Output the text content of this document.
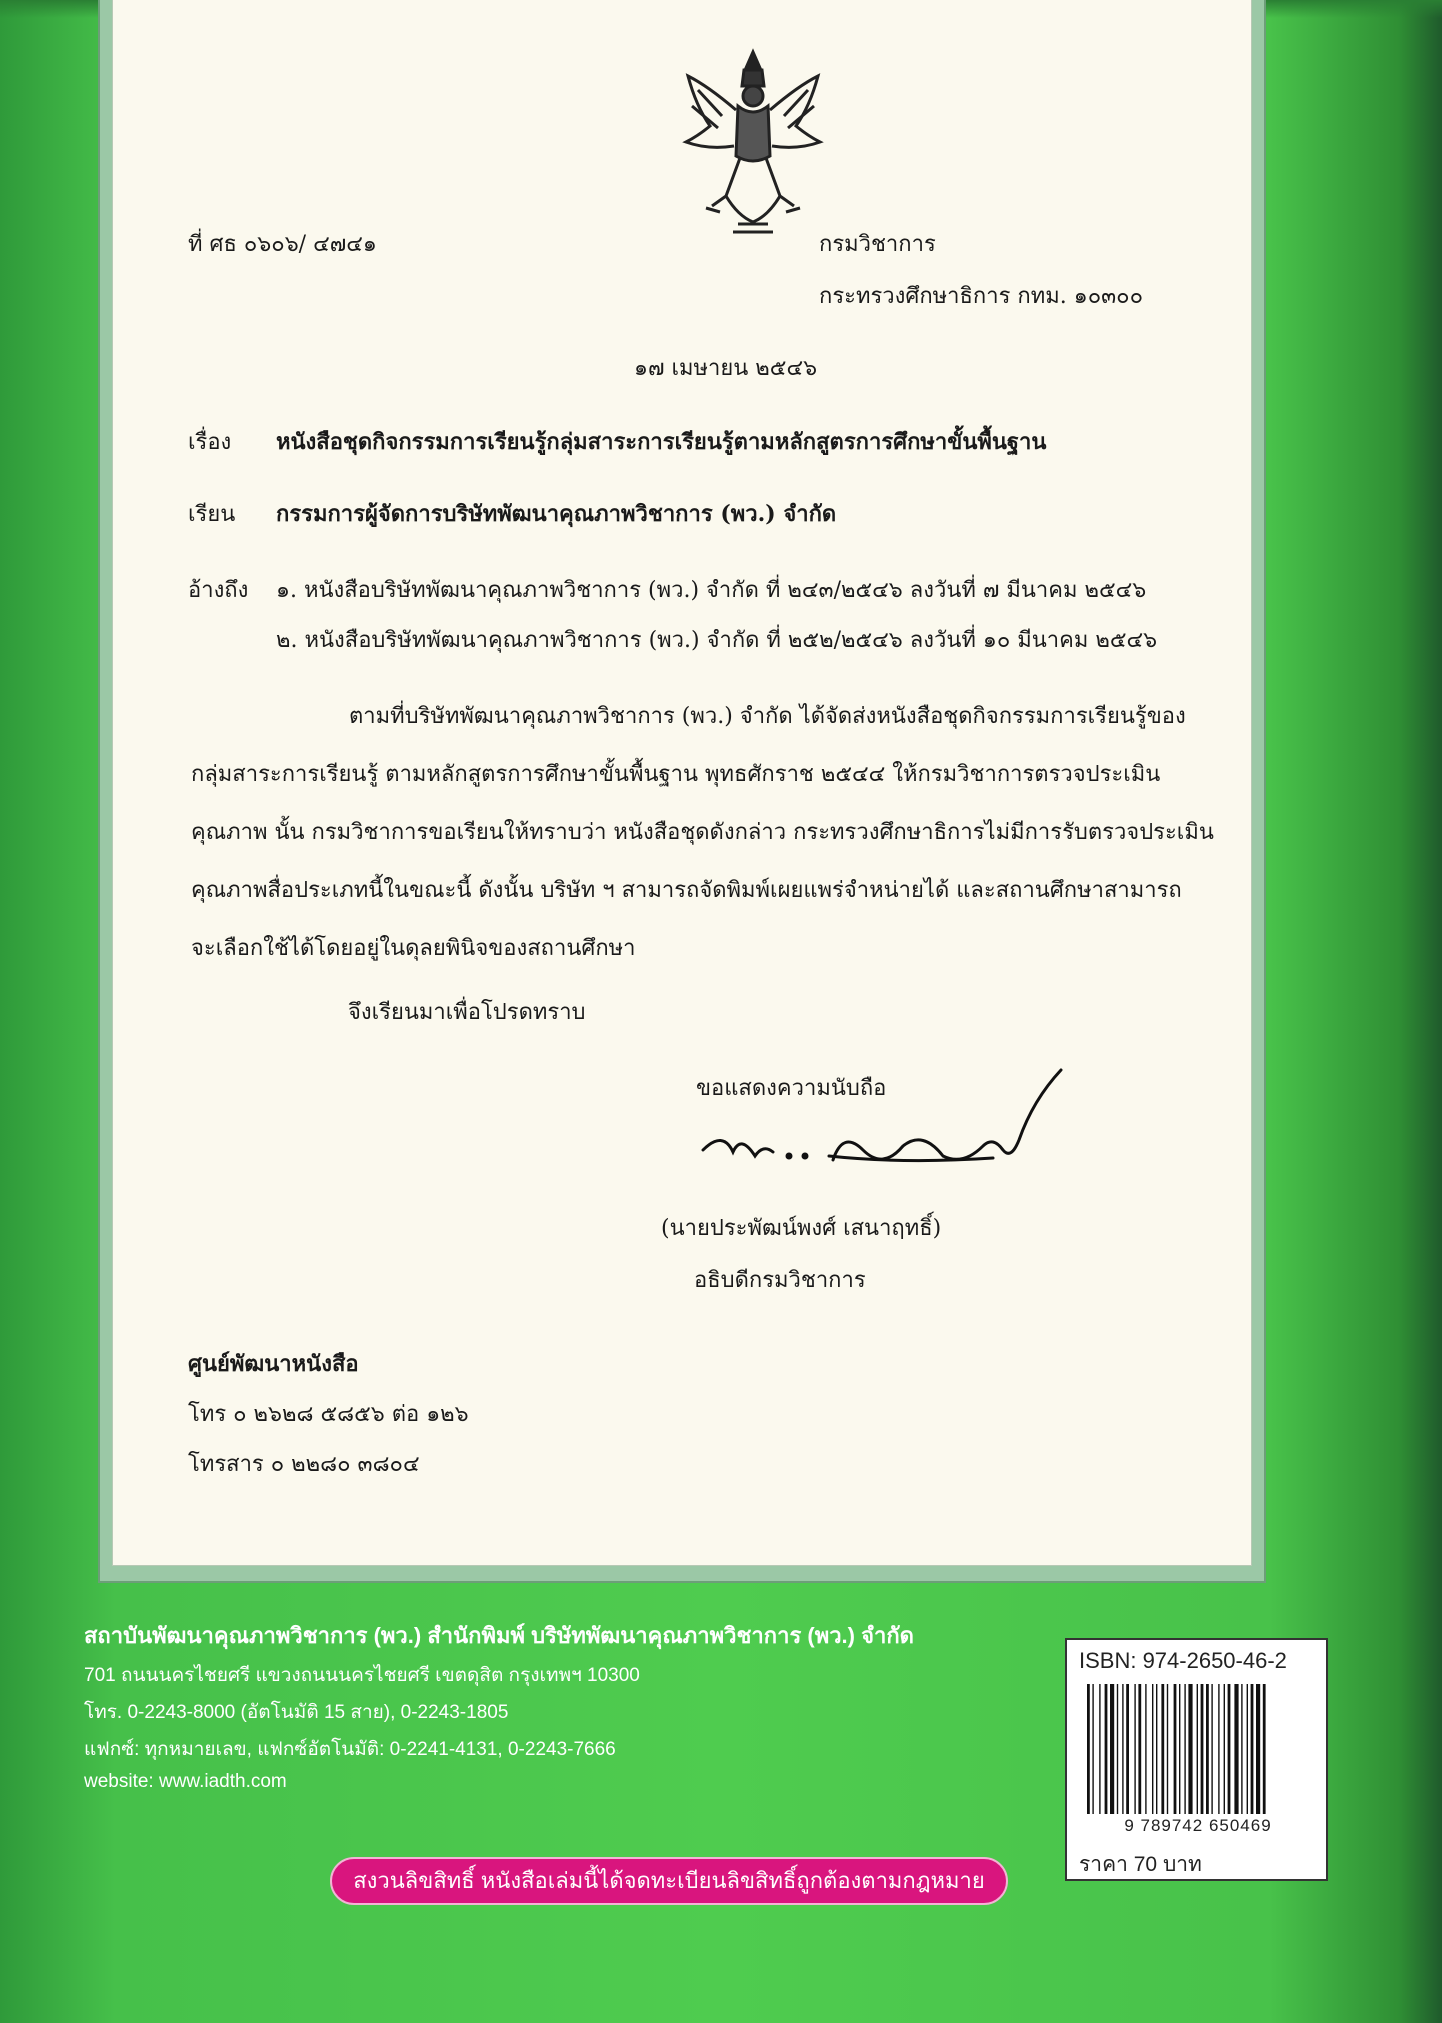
ที่ ศธ ๐๖๐๖/ ๔๗๔๑	กรมวิชาการ
กระทรวงศึกษาธิการ กทม. ๑๐๓๐๐
๑๗ เมษายน ๒๕๔๖
เรื่อง หนังสือชุดกิจกรรมการเรียนรู้กลุ่มสาระการเรียนรู้ตามหลักสูตรการศึกษาขั้นพื้นฐาน
เรียน กรรมการผู้จัดการบริษัทพัฒนาคุณภาพวิชาการ (พว.) จำกัด
อ้างถึง ๑. หนังสือบริษัทพัฒนาคุณภาพวิชาการ (พว.) จำกัด ที่ ๒๔๓/๒๕๔๖ ลงวันที่ ๗ มีนาคม ๒๕๔๖
๒. หนังสือบริษัทพัฒนาคุณภาพวิชาการ (พว.) จำกัด ที่ ๒๕๒/๒๕๔๖ ลงวันที่ ๑๐ มีนาคม ๒๕๔๖
ตามที่บริษัทพัฒนาคุณภาพวิชาการ (พว.) จำกัด ได้จัดส่งหนังสือชุดกิจกรรมการเรียนรู้ของ
กลุ่มสาระการเรียนรู้ ตามหลักสูตรการศึกษาขั้นพื้นฐาน พุทธศักราช ๒๕๔๔ ให้กรมวิชาการตรวจประเมิน
คุณภาพ นั้น กรมวิชาการขอเรียนให้ทราบว่า หนังสือชุดดังกล่าว กระทรวงศึกษาธิการไม่มีการรับตรวจประเมิน
คุณภาพสื่อประเภทนี้ในขณะนี้ ดังนั้น บริษัท ฯ สามารถจัดพิมพ์เผยแพร่จำหน่ายได้ และสถานศึกษาสามารถ
จะเลือกใช้ได้โดยอยู่ในดุลยพินิจของสถานศึกษา
จึงเรียนมาเพื่อโปรดทราบ
ขอแสดงความนับถือ
(นายประพัฒน์พงศ์ เสนาฤทธิ์)
อธิบดีกรมวิชาการ
ศูนย์พัฒนาหนังสือ
โทร ๐ ๒๖๒๘ ๕๘๕๖ ต่อ ๑๒๖
โทรสาร ๐ ๒๒๘๐ ๓๘๐๔
สถาบันพัฒนาคุณภาพวิชาการ (พว.) สำนักพิมพ์ บริษัทพัฒนาคุณภาพวิชาการ (พว.) จำกัด
701 ถนนนครไชยศรี แขวงถนนนครไชยศรี เขตดุสิต กรุงเทพฯ 10300
โทร. 0-2243-8000 (อัตโนมัติ 15 สาย), 0-2243-1805
แฟกซ์: ทุกหมายเลข, แฟกซ์อัตโนมัติ: 0-2241-4131, 0-2243-7666
website: www.iadth.com
ISBN: 974-2650-46-2
9 789742 650469
ราคา 70 บาท
สงวนลิขสิทธิ์ หนังสือเล่มนี้ได้จดทะเบียนลิขสิทธิ์ถูกต้องตามกฎหมาย
